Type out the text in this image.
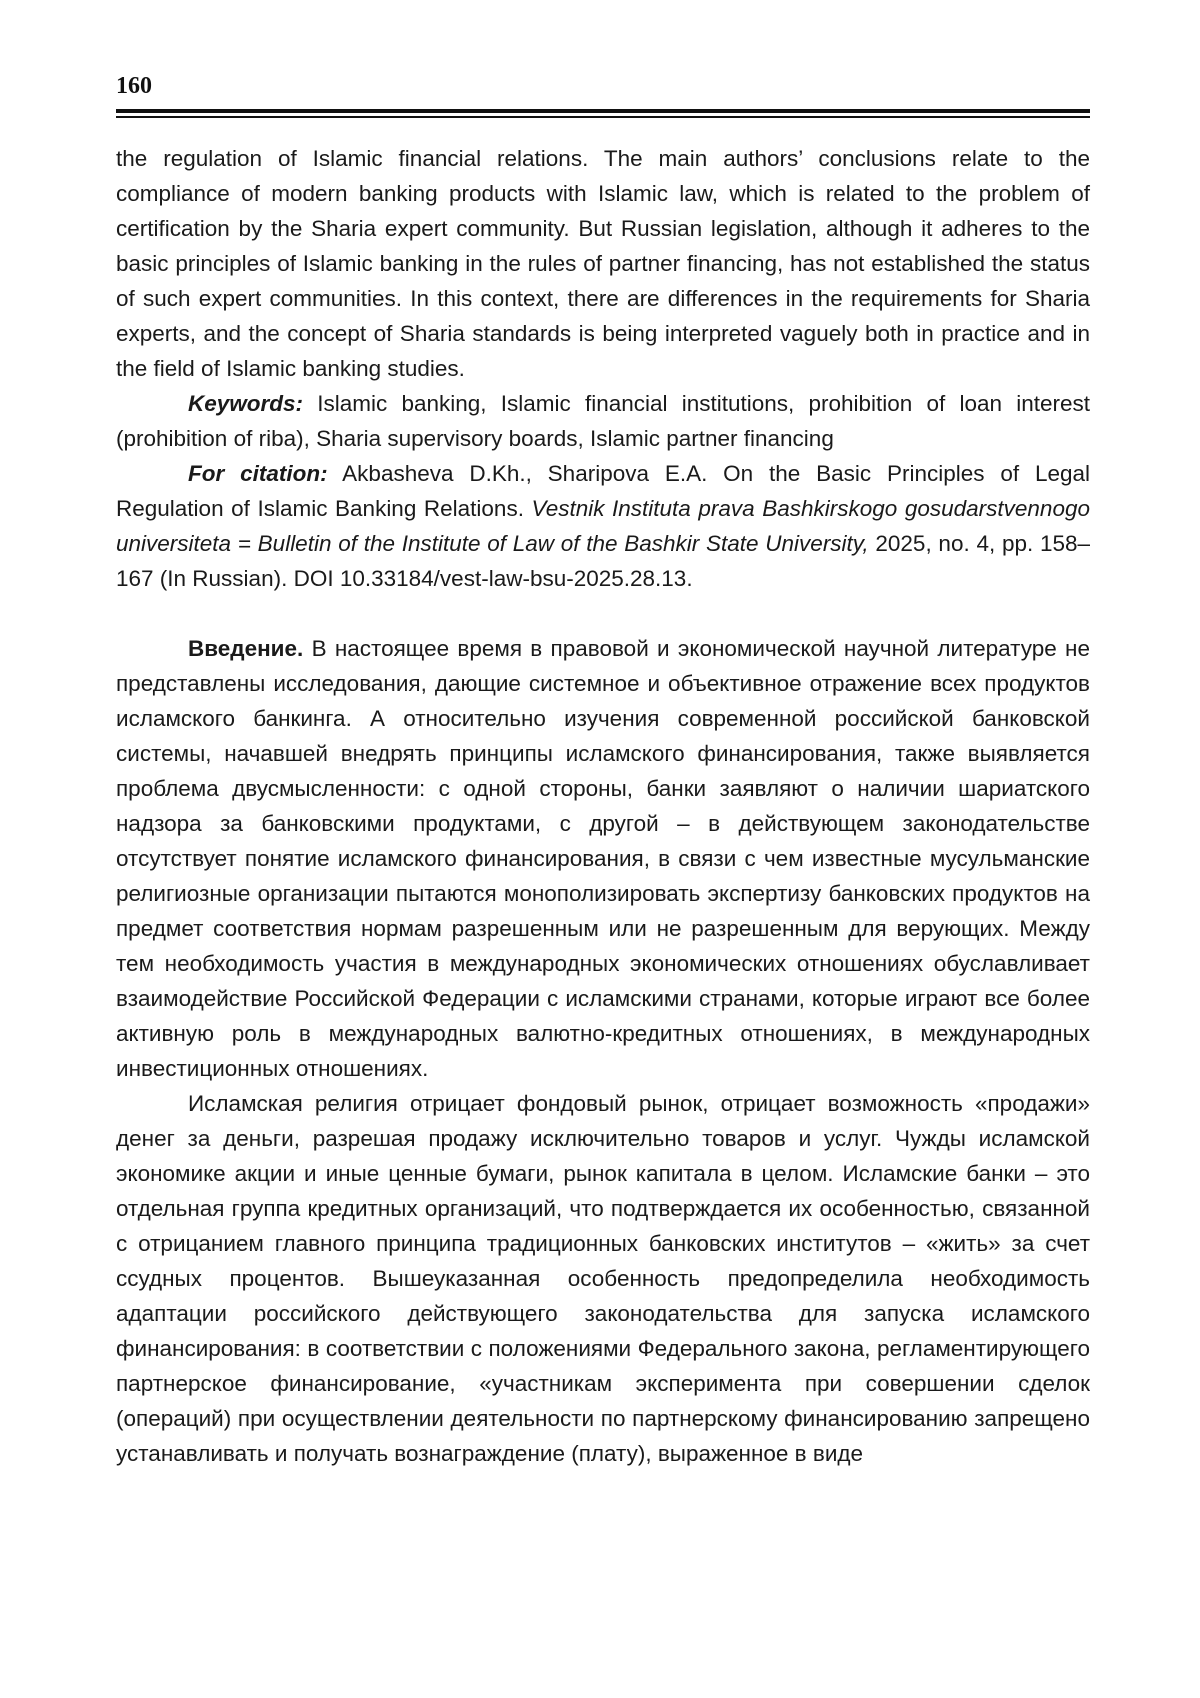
160

the regulation of Islamic financial relations. The main authors’ conclusions relate to the compliance of modern banking products with Islamic law, which is related to the problem of certification by the Sharia expert community. But Russian legislation, although it adheres to the basic principles of Islamic banking in the rules of partner financing, has not established the status of such expert communities. In this context, there are differences in the requirements for Sharia experts, and the concept of Sharia standards is being interpreted vaguely both in practice and in the field of Islamic banking studies.

Keywords: Islamic banking, Islamic financial institutions, prohibition of loan interest (prohibition of riba), Sharia supervisory boards, Islamic partner financing

For citation: Akbasheva D.Kh., Sharipova E.A. On the Basic Principles of Legal Regulation of Islamic Banking Relations. Vestnik Instituta prava Bashkirskogo gosudarstvennogo universiteta = Bulletin of the Institute of Law of the Bashkir State University, 2025, no. 4, pp. 158–167 (In Russian). DOI 10.33184/vest-law-bsu-2025.28.13.

Введение. В настоящее время в правовой и экономической научной литературе не представлены исследования, дающие системное и объективное отражение всех продуктов исламского банкинга. А относительно изучения современной российской банковской системы, начавшей внедрять принципы исламского финансирования, также выявляется проблема двусмысленности: с одной стороны, банки заявляют о наличии шариатского надзора за банковскими продуктами, с другой – в действующем законодательстве отсутствует понятие исламского финансирования, в связи с чем известные мусульманские религиозные организации пытаются монополизировать экспертизу банковских продуктов на предмет соответствия нормам разрешенным или не разрешенным для верующих. Между тем необходимость участия в международных экономических отношениях обуславливает взаимодействие Российской Федерации с исламскими странами, которые играют все более активную роль в международных валютно-кредитных отношениях, в международных инвестиционных отношениях.

Исламская религия отрицает фондовый рынок, отрицает возможность «продажи» денег за деньги, разрешая продажу исключительно товаров и услуг. Чужды исламской экономике акции и иные ценные бумаги, рынок капитала в целом. Исламские банки – это отдельная группа кредитных организаций, что подтверждается их особенностью, связанной с отрицанием главного принципа традиционных банковских институтов – «жить» за счет ссудных процентов. Вышеуказанная особенность предопределила необходимость адаптации российского действующего законодательства для запуска исламского финансирования: в соответствии с положениями Федерального закона, регламентирующего партнерское финансирование, «участникам эксперимента при совершении сделок (операций) при осуществлении деятельности по партнерскому финансированию запрещено устанавливать и получать вознаграждение (плату), выраженное в виде
